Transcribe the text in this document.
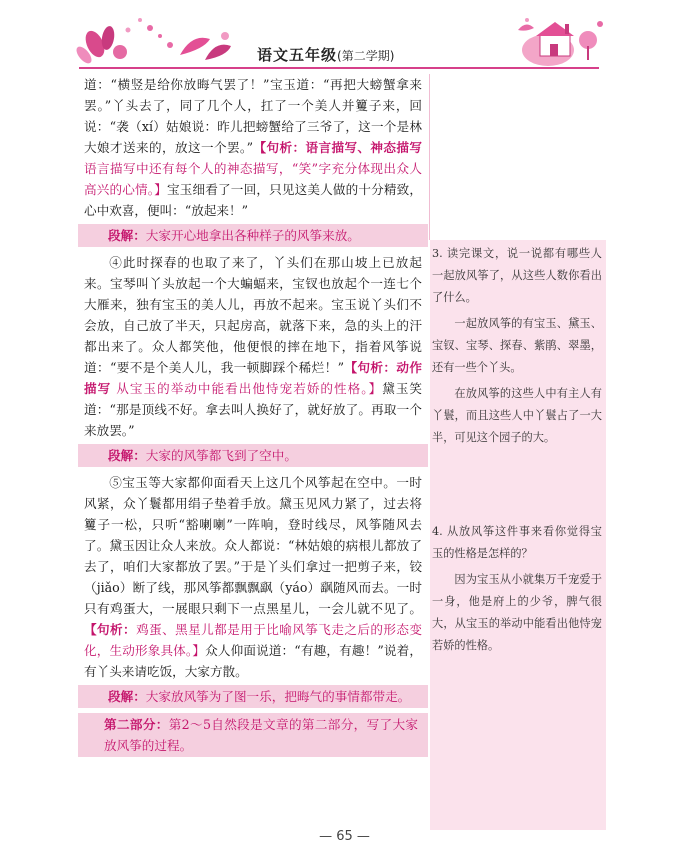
语文五年级(第二学期)

道：“横竖是给你放晦气罢了！”宝玉道：“再把大螃蟹拿来罢。”丫头去了，同了几个人，扛了一个美人并籰子来，回说：“袭（xí）姑娘说：昨儿把螃蟹给了三爷了，这一个是林大娘才送来的，放这一个罢。”【句析：语言描写、神态描写 语言描写中还有每个人的神态描写，“笑”字充分体现出众人高兴的心情。】宝玉细看了一回，只见这美人做的十分精致，心中欢喜，便叫：“放起来！”

段解：大家开心地拿出各种样子的风筝来放。

④此时探春的也取了来了，丫头们在那山坡上已放起来。宝琴叫丫头放起一个大蝙蝠来，宝钗也放起个一连七个大雁来，独有宝玉的美人儿，再放不起来。宝玉说丫头们不会放，自己放了半天，只起房高，就落下来，急的头上的汗都出来了。众人都笑他，他便恨的摔在地下，指着风筝说道：“要不是个美人儿，我一顿脚踩个稀烂！”【句析：动作描写 从宝玉的举动中能看出他恃宠若娇的性格。】黛玉笑道：“那是顶线不好。拿去叫人换好了，就好放了。再取一个来放罢。”

段解：大家的风筝都飞到了空中。

⑤宝玉等大家都仰面看天上这几个风筝起在空中。一时风紧，众丫鬟都用绢子垫着手放。黛玉见风力紧了，过去将籰子一松，只听“豁喇喇”一阵响，登时线尽，风筝随风去了。黛玉因让众人来放。众人都说：“林姑娘的病根儿都放了去了，咱们大家都放了罢。”于是丫头们拿过一把剪子来，铰（jiǎo）断了线，那风筝都飘飘飖（yáo）飖随风而去。一时只有鸡蛋大，一展眼只剩下一点黑星儿，一会儿就不见了。【句析：鸡蛋、黑星儿都是用于比喻风筝飞走之后的形态变化，生动形象具体。】众人仰面说道：“有趣，有趣！”说着，有丫头来请吃饭，大家方散。

段解：大家放风筝为了图一乐，把晦气的事情都带走。
第二部分：第2～5自然段是文章的第二部分，写了大家放风筝的过程。

3. 读完课文，说一说都有哪些人一起放风筝了，从这些人数你看出了什么。

一起放风筝的有宝玉、黛玉、宝钗、宝琴、探春、紫鹃、翠墨，还有一些个丫头。

在放风筝的这些人中有主人有丫鬟，而且这些人中丫鬟占了一大半，可见这个园子的大。

4. 从放风筝这件事来看你觉得宝玉的性格是怎样的？

因为宝玉从小就集万千宠爱于一身，他是府上的少爷，脾气很大，从宝玉的举动中能看出他恃宠若娇的性格。

— 65 —
